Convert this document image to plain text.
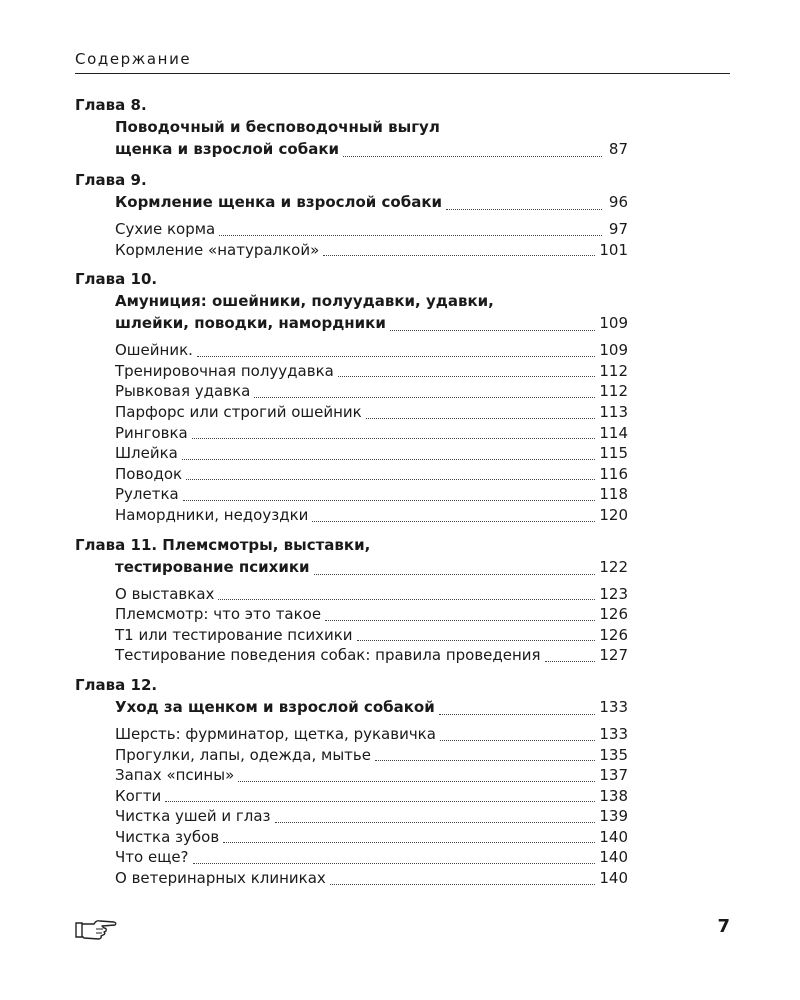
Содержание
Глава 8.
Поводочный и бесповодочный выгул
щенка и взрослой собаки	87
Глава 9.
Кормление щенка и взрослой собаки	96
Сухие корма	97
Кормление «натуралкой»	101
Глава 10.
Амуниция: ошейники, полуудавки, удавки,
шлейки, поводки, намордники	109
Ошейник.	109
Тренировочная полуудавка	112
Рывковая удавка	112
Парфорс или строгий ошейник	113
Ринговка	114
Шлейка	115
Поводок	116
Рулетка	118
Намордники, недоуздки	120
Глава 11. Племсмотры, выставки,
тестирование психики	122
О выставках	123
Племсмотр: что это такое	126
Т1 или тестирование психики	126
Тестирование поведения собак: правила проведения	127
Глава 12.
Уход за щенком и взрослой собакой	133
Шерсть: фурминатор, щетка, рукавичка	133
Прогулки, лапы, одежда, мытье	135
Запах «псины»	137
Когти	138
Чистка ушей и глаз	139
Чистка зубов	140
Что еще?	140
О ветеринарных клиниках	140
7
